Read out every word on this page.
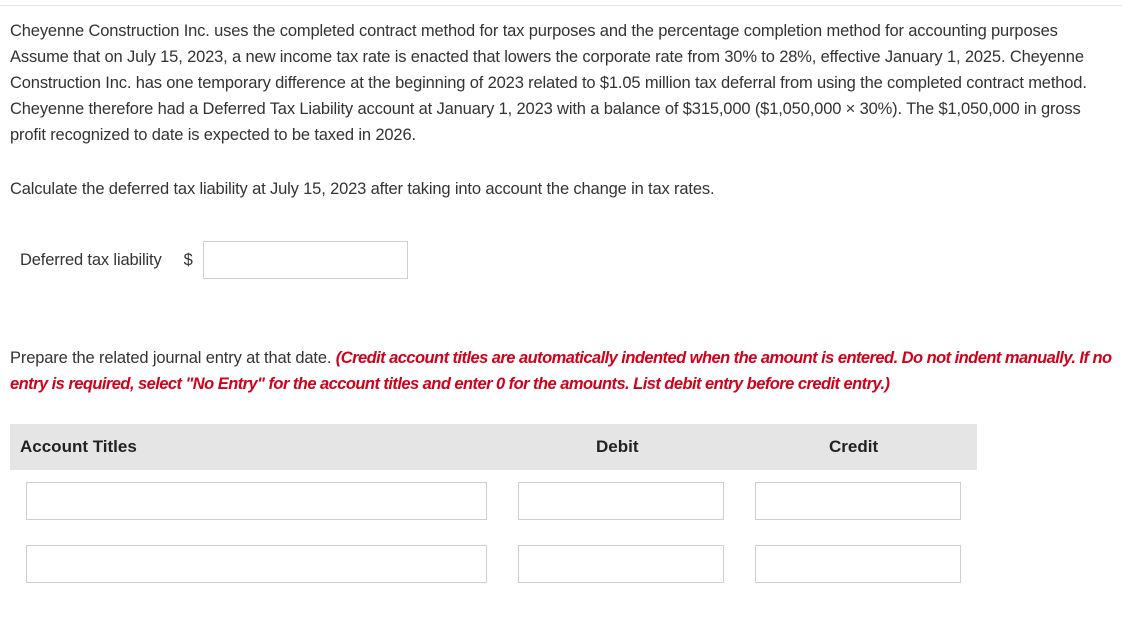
Cheyenne Construction Inc. uses the completed contract method for tax purposes and the percentage completion method for accounting purposes Assume that on July 15, 2023, a new income tax rate is enacted that lowers the corporate rate from 30% to 28%, effective January 1, 2025. Cheyenne Construction Inc. has one temporary difference at the beginning of 2023 related to $1.05 million tax deferral from using the completed contract method. Cheyenne therefore had a Deferred Tax Liability account at January 1, 2023 with a balance of $315,000 ($1,050,000 × 30%). The $1,050,000 in gross profit recognized to date is expected to be taxed in 2026.

Calculate the deferred tax liability at July 15, 2023 after taking into account the change in tax rates.

Deferred tax liability $

Prepare the related journal entry at that date. (Credit account titles are automatically indented when the amount is entered. Do not indent manually. If no entry is required, select "No Entry" for the account titles and enter 0 for the amounts. List debit entry before credit entry.)

Account Titles	Debit	Credit
